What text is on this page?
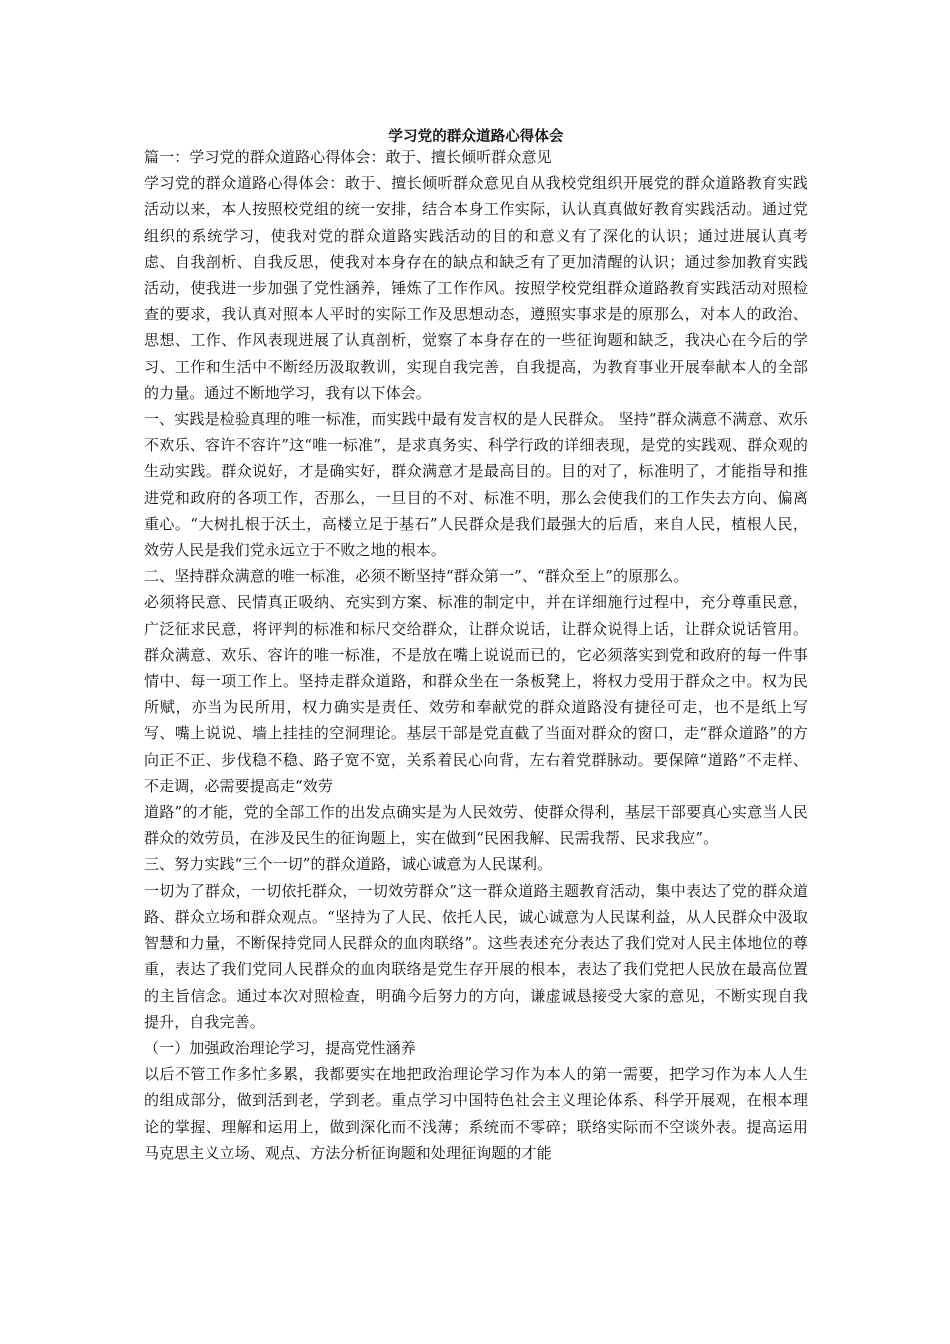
学习党的群众道路心得体会

篇一：学习党的群众道路心得体会：敢于、擅长倾听群众意见

学习党的群众道路心得体会：敢于、擅长倾听群众意见自从我校党组织开展党的群众道路教育实践活动以来，本人按照校党组的统一安排，结合本身工作实际，认认真真做好教育实践活动。通过党组织的系统学习，使我对党的群众道路实践活动的目的和意义有了深化的认识；通过进展认真考虑、自我剖析、自我反思，使我对本身存在的缺点和缺乏有了更加清醒的认识；通过参加教育实践活动，使我进一步加强了党性涵养，锤炼了工作作风。按照学校党组群众道路教育实践活动对照检查的要求，我认真对照本人平时的实际工作及思想动态，遵照实事求是的原那么，对本人的政治、思想、工作、作风表现进展了认真剖析，觉察了本身存在的一些征询题和缺乏，我决心在今后的学习、工作和生活中不断经历汲取教训，实现自我完善，自我提高，为教育事业开展奉献本人的全部的力量。通过不断地学习，我有以下体会。

一、实践是检验真理的唯一标准，而实践中最有发言权的是人民群众。 坚持“群众满意不满意、欢乐不欢乐、容许不容许”这“唯一标准”，是求真务实、科学行政的详细表现，是党的实践观、群众观的生动实践。群众说好，才是确实好，群众满意才是最高目的。目的对了，标准明了，才能指导和推进党和政府的各项工作，否那么，一旦目的不对、标准不明，那么会使我们的工作失去方向、偏离重心。“大树扎根于沃土，高楼立足于基石”人民群众是我们最强大的后盾，来自人民，植根人民，效劳人民是我们党永远立于不败之地的根本。

二、坚持群众满意的唯一标准，必须不断坚持“群众第一”、“群众至上”的原那么。

必须将民意、民情真正吸纳、充实到方案、标准的制定中，并在详细施行过程中，充分尊重民意，广泛征求民意，将评判的标准和标尺交给群众，让群众说话，让群众说得上话，让群众说话管用。群众满意、欢乐、容许的唯一标准，不是放在嘴上说说而已的，它必须落实到党和政府的每一件事情中、每一项工作上。坚持走群众道路，和群众坐在一条板凳上，将权力受用于群众之中。权为民所赋，亦当为民所用，权力确实是责任、效劳和奉献党的群众道路没有捷径可走，也不是纸上写写、嘴上说说、墙上挂挂的空洞理论。基层干部是党直截了当面对群众的窗口，走“群众道路”的方向正不正、步伐稳不稳、路子宽不宽，关系着民心向背，左右着党群脉动。要保障“道路”不走样、不走调，必需要提高走“效劳

道路”的才能，党的全部工作的出发点确实是为人民效劳、使群众得利，基层干部要真心实意当人民群众的效劳员，在涉及民生的征询题上，实在做到“民困我解、民需我帮、民求我应”。

三、努力实践“三个一切”的群众道路，诚心诚意为人民谋利。

一切为了群众，一切依托群众，一切效劳群众”这一群众道路主题教育活动，集中表达了党的群众道路、群众立场和群众观点。“坚持为了人民、依托人民，诚心诚意为人民谋利益，从人民群众中汲取智慧和力量，不断保持党同人民群众的血肉联络”。这些表述充分表达了我们党对人民主体地位的尊重，表达了我们党同人民群众的血肉联络是党生存开展的根本，表达了我们党把人民放在最高位置的主旨信念。通过本次对照检查，明确今后努力的方向，谦虚诚恳接受大家的意见，不断实现自我提升，自我完善。

（一）加强政治理论学习，提高党性涵养

以后不管工作多忙多累，我都要实在地把政治理论学习作为本人的第一需要，把学习作为本人人生的组成部分，做到活到老，学到老。重点学习中国特色社会主义理论体系、科学开展观，在根本理论的掌握、理解和运用上，做到深化而不浅薄；系统而不零碎；联络实际而不空谈外表。提高运用马克思主义立场、观点、方法分析征询题和处理征询题的才能
